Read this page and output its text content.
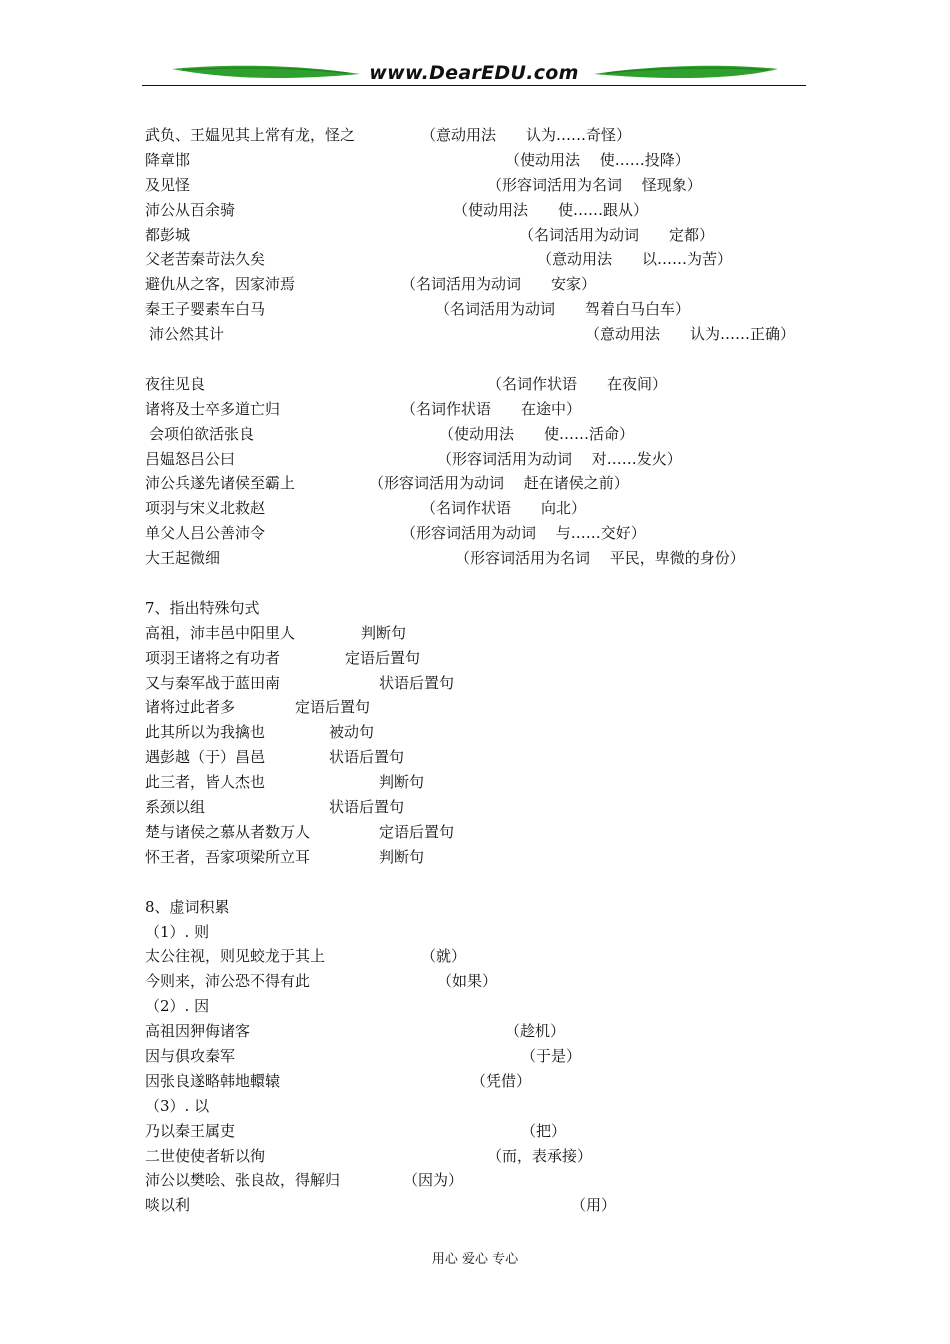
www.DearEDU.com
武负、王媪见其上常有龙，怪之	（意动用法　　认为……奇怪）
降章邯	（使动用法　 使……投降）
及见怪	（形容词活用为名词　 怪现象）
沛公从百余骑	（使动用法　　使……跟从）
都彭城	（名词活用为动词　　定都）
父老苦秦苛法久矣	（意动用法　　以……为苦）
避仇从之客，因家沛焉	（名词活用为动词　　安家）
秦王子婴素车白马	（名词活用为动词　　驾着白马白车）
沛公然其计	（意动用法　　认为……正确）
夜往见良	（名词作状语　　在夜间）
诸将及士卒多道亡归	（名词作状语　　在途中）
会项伯欲活张良	（使动用法　　使……活命）
吕媪怒吕公曰	（形容词活用为动词　 对……发火）
沛公兵遂先诸侯至霸上	（形容词活用为动词　 赶在诸侯之前）
项羽与宋义北救赵	（名词作状语　　向北）
单父人吕公善沛令	（形容词活用为动词　 与……交好）
大王起微细	（形容词活用为名词　 平民，卑微的身份）
7、指出特殊句式
高祖，沛丰邑中阳里人	判断句
项羽王诸将之有功者	定语后置句
又与秦军战于蓝田南	状语后置句
诸将过此者多	定语后置句
此其所以为我擒也	被动句
遇彭越（于）昌邑	状语后置句
此三者，皆人杰也	判断句
系颈以组	状语后置句
楚与诸侯之慕从者数万人	定语后置句
怀王者，吾家项梁所立耳	判断句
8、虚词积累
（1）. 则
太公往视，则见蛟龙于其上	（就）
今则来，沛公恐不得有此	（如果）
（2）. 因
高祖因狎侮诸客	（趁机）
因与俱攻秦军	（于是）
因张良遂略韩地轘辕	（凭借）
（3）. 以
乃以秦王属吏	（把）
二世使使者斩以徇	（而，表承接）
沛公以樊哙、张良故，得解归	（因为）
啖以利	（用）
用心 爱心 专心
